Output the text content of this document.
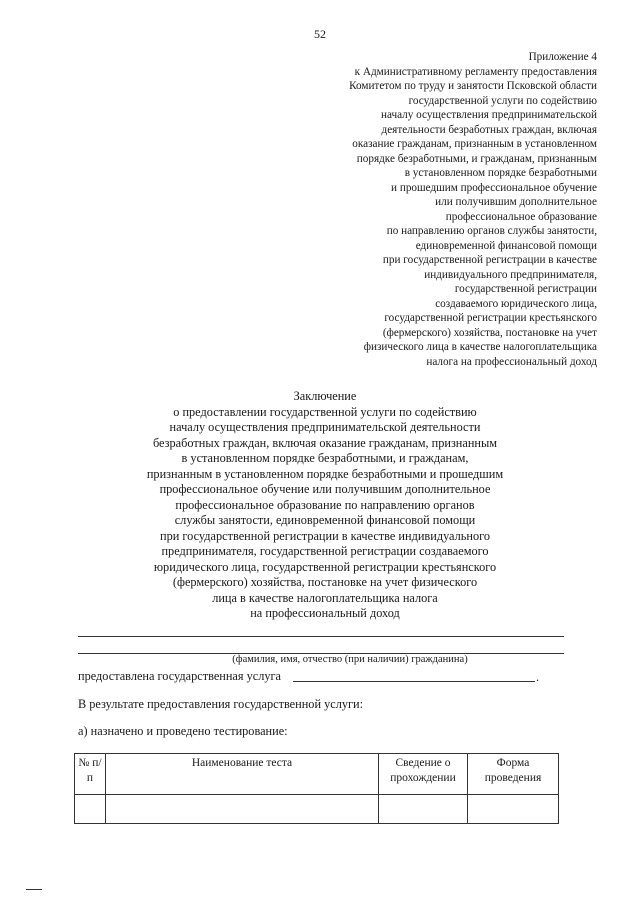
52
Приложение 4
к Административному регламенту предоставления
Комитетом по труду и занятости Псковской области
государственной услуги по содействию
началу осуществления предпринимательской
деятельности безработных граждан, включая
оказание гражданам, признанным в установленном
порядке безработными, и гражданам, признанным
в установленном порядке безработными
и прошедшим профессиональное обучение
или получившим дополнительное
профессиональное образование
по направлению органов службы занятости,
единовременной финансовой помощи
при государственной регистрации в качестве
индивидуального предпринимателя,
государственной регистрации
создаваемого юридического лица,
государственной регистрации крестьянского
(фермерского) хозяйства, постановке на учет
физического лица в качестве налогоплательщика
налога на профессиональный доход
Заключение
о предоставлении государственной услуги по содействию
началу осуществления предпринимательской деятельности
безработных граждан, включая оказание гражданам, признанным
в установленном порядке безработными, и гражданам,
признанным в установленном порядке безработными и прошедшим
профессиональное обучение или получившим дополнительное
профессиональное образование по направлению органов
службы занятости, единовременной финансовой помощи
при государственной регистрации в качестве индивидуального
предпринимателя, государственной регистрации создаваемого
юридического лица, государственной регистрации крестьянского
(фермерского) хозяйства, постановке на учет физического
лица в качестве налогоплательщика налога
на профессиональный доход
(фамилия, имя, отчество (при наличии) гражданина)
предоставлена государственная услуга	.
В результате предоставления государственной услуги:
а) назначено и проведено тестирование:
№ п/п	Наименование теста	Сведение о прохождении	Форма проведения
